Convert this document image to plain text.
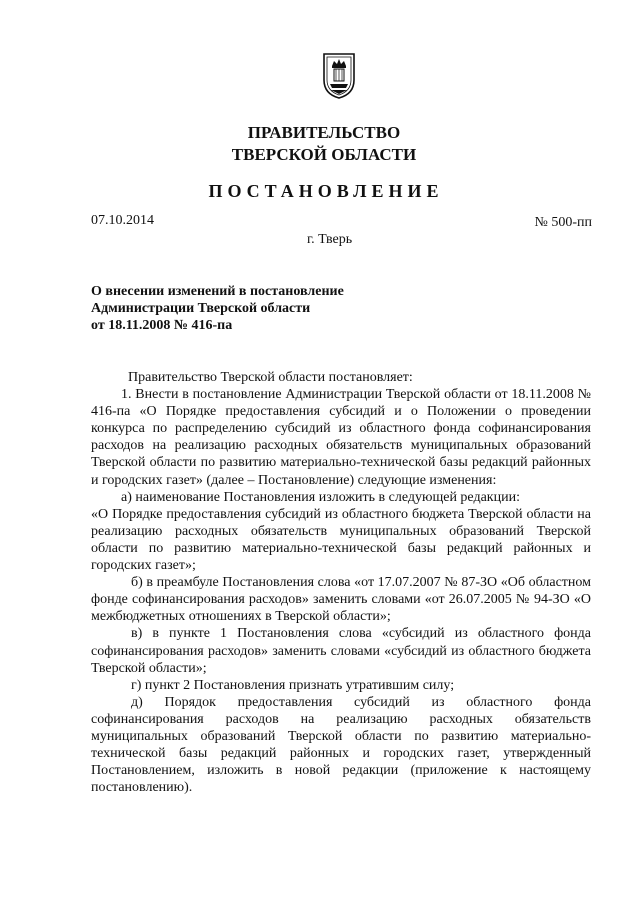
ПРАВИТЕЛЬСТВО
ТВЕРСКОЙ ОБЛАСТИ
ПОСТАНОВЛЕНИЕ
07.10.2014	№ 500-пп
г. Тверь
О внесении изменений в постановление
Администрации Тверской области
от 18.11.2008 № 416-па

Правительство Тверской области постановляет:

1. Внести в постановление Администрации Тверской области от 18.11.2008 № 416-па «О Порядке предоставления субсидий и о Положении о проведении конкурса по распределению субсидий из областного фонда софинансирования расходов на реализацию расходных обязательств муниципальных образований Тверской области по развитию материально-технической базы редакций районных и городских газет» (далее – Постановление) следующие изменения:

а) наименование Постановления изложить в следующей редакции:

«О Порядке предоставления субсидий из областного бюджета Тверской области на реализацию расходных обязательств муниципальных образований Тверской области по развитию материально-технической базы редакций районных и городских газет»;

б) в преамбуле Постановления слова «от 17.07.2007 № 87-ЗО «Об областном фонде софинансирования расходов» заменить словами «от 26.07.2005 № 94-ЗО «О межбюджетных отношениях в Тверской области»;

в) в пункте 1 Постановления слова «субсидий из областного фонда софинансирования расходов» заменить словами «субсидий из областного бюджета Тверской области»;

г) пункт 2 Постановления признать утратившим силу;

д) Порядок предоставления субсидий из областного фонда софинансирования расходов на реализацию расходных обязательств муниципальных образований Тверской области по развитию материально-технической базы редакций районных и городских газет, утвержденный Постановлением, изложить в новой редакции (приложение к настоящему постановлению).
